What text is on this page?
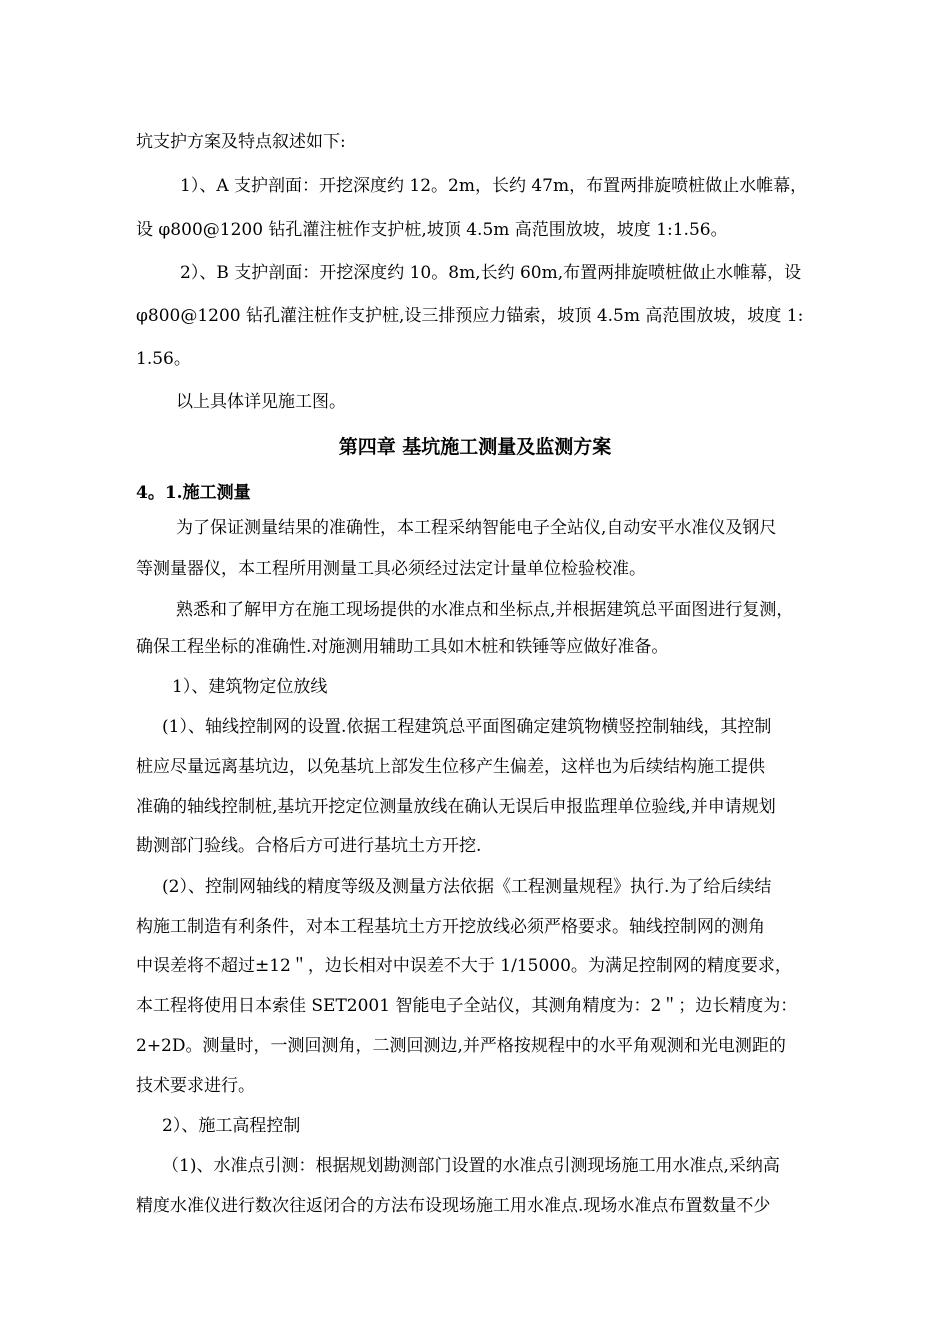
坑支护方案及特点叙述如下:

1）、A 支护剖面：开挖深度约 12。2m，长约 47m，布置两排旋喷桩做止水帷幕，

设 φ800@1200 钻孔灌注桩作支护桩,坡顶 4.5m 高范围放坡，坡度 1:1.56。

2）、B 支护剖面：开挖深度约 10。8m,长约 60m,布置两排旋喷桩做止水帷幕，设

φ800@1200 钻孔灌注桩作支护桩,设三排预应力锚索，坡顶 4.5m 高范围放坡，坡度 1:

1.56。

以上具体详见施工图。

第四章 基坑施工测量及监测方案
4。1.施工测量

为了保证测量结果的准确性，本工程采纳智能电子全站仪,自动安平水准仪及钢尺

等测量器仪，本工程所用测量工具必须经过法定计量单位检验校准。

熟悉和了解甲方在施工现场提供的水准点和坐标点,并根据建筑总平面图进行复测，

确保工程坐标的准确性.对施测用辅助工具如木桩和铁锤等应做好准备。

1）、建筑物定位放线

(1）、轴线控制网的设置.依据工程建筑总平面图确定建筑物横竖控制轴线，其控制

桩应尽量远离基坑边，以免基坑上部发生位移产生偏差，这样也为后续结构施工提供

准确的轴线控制桩,基坑开挖定位测量放线在确认无误后申报监理单位验线,并申请规划

勘测部门验线。合格后方可进行基坑土方开挖.

(2）、控制网轴线的精度等级及测量方法依据《工程测量规程》执行.为了给后续结

构施工制造有利条件，对本工程基坑土方开挖放线必须严格要求。轴线控制网的测角

中误差将不超过±12＂，边长相对中误差不大于 1/15000。为满足控制网的精度要求，

本工程将使用日本索佳 SET2001 智能电子全站仪，其测角精度为：2＂；边长精度为：

2+2D。测量时，一测回测角，二测回测边,并严格按规程中的水平角观测和光电测距的

技术要求进行。

2）、施工高程控制

（1)、水准点引测：根据规划勘测部门设置的水准点引测现场施工用水准点,采纳高

精度水准仪进行数次往返闭合的方法布设现场施工用水准点.现场水准点布置数量不少
